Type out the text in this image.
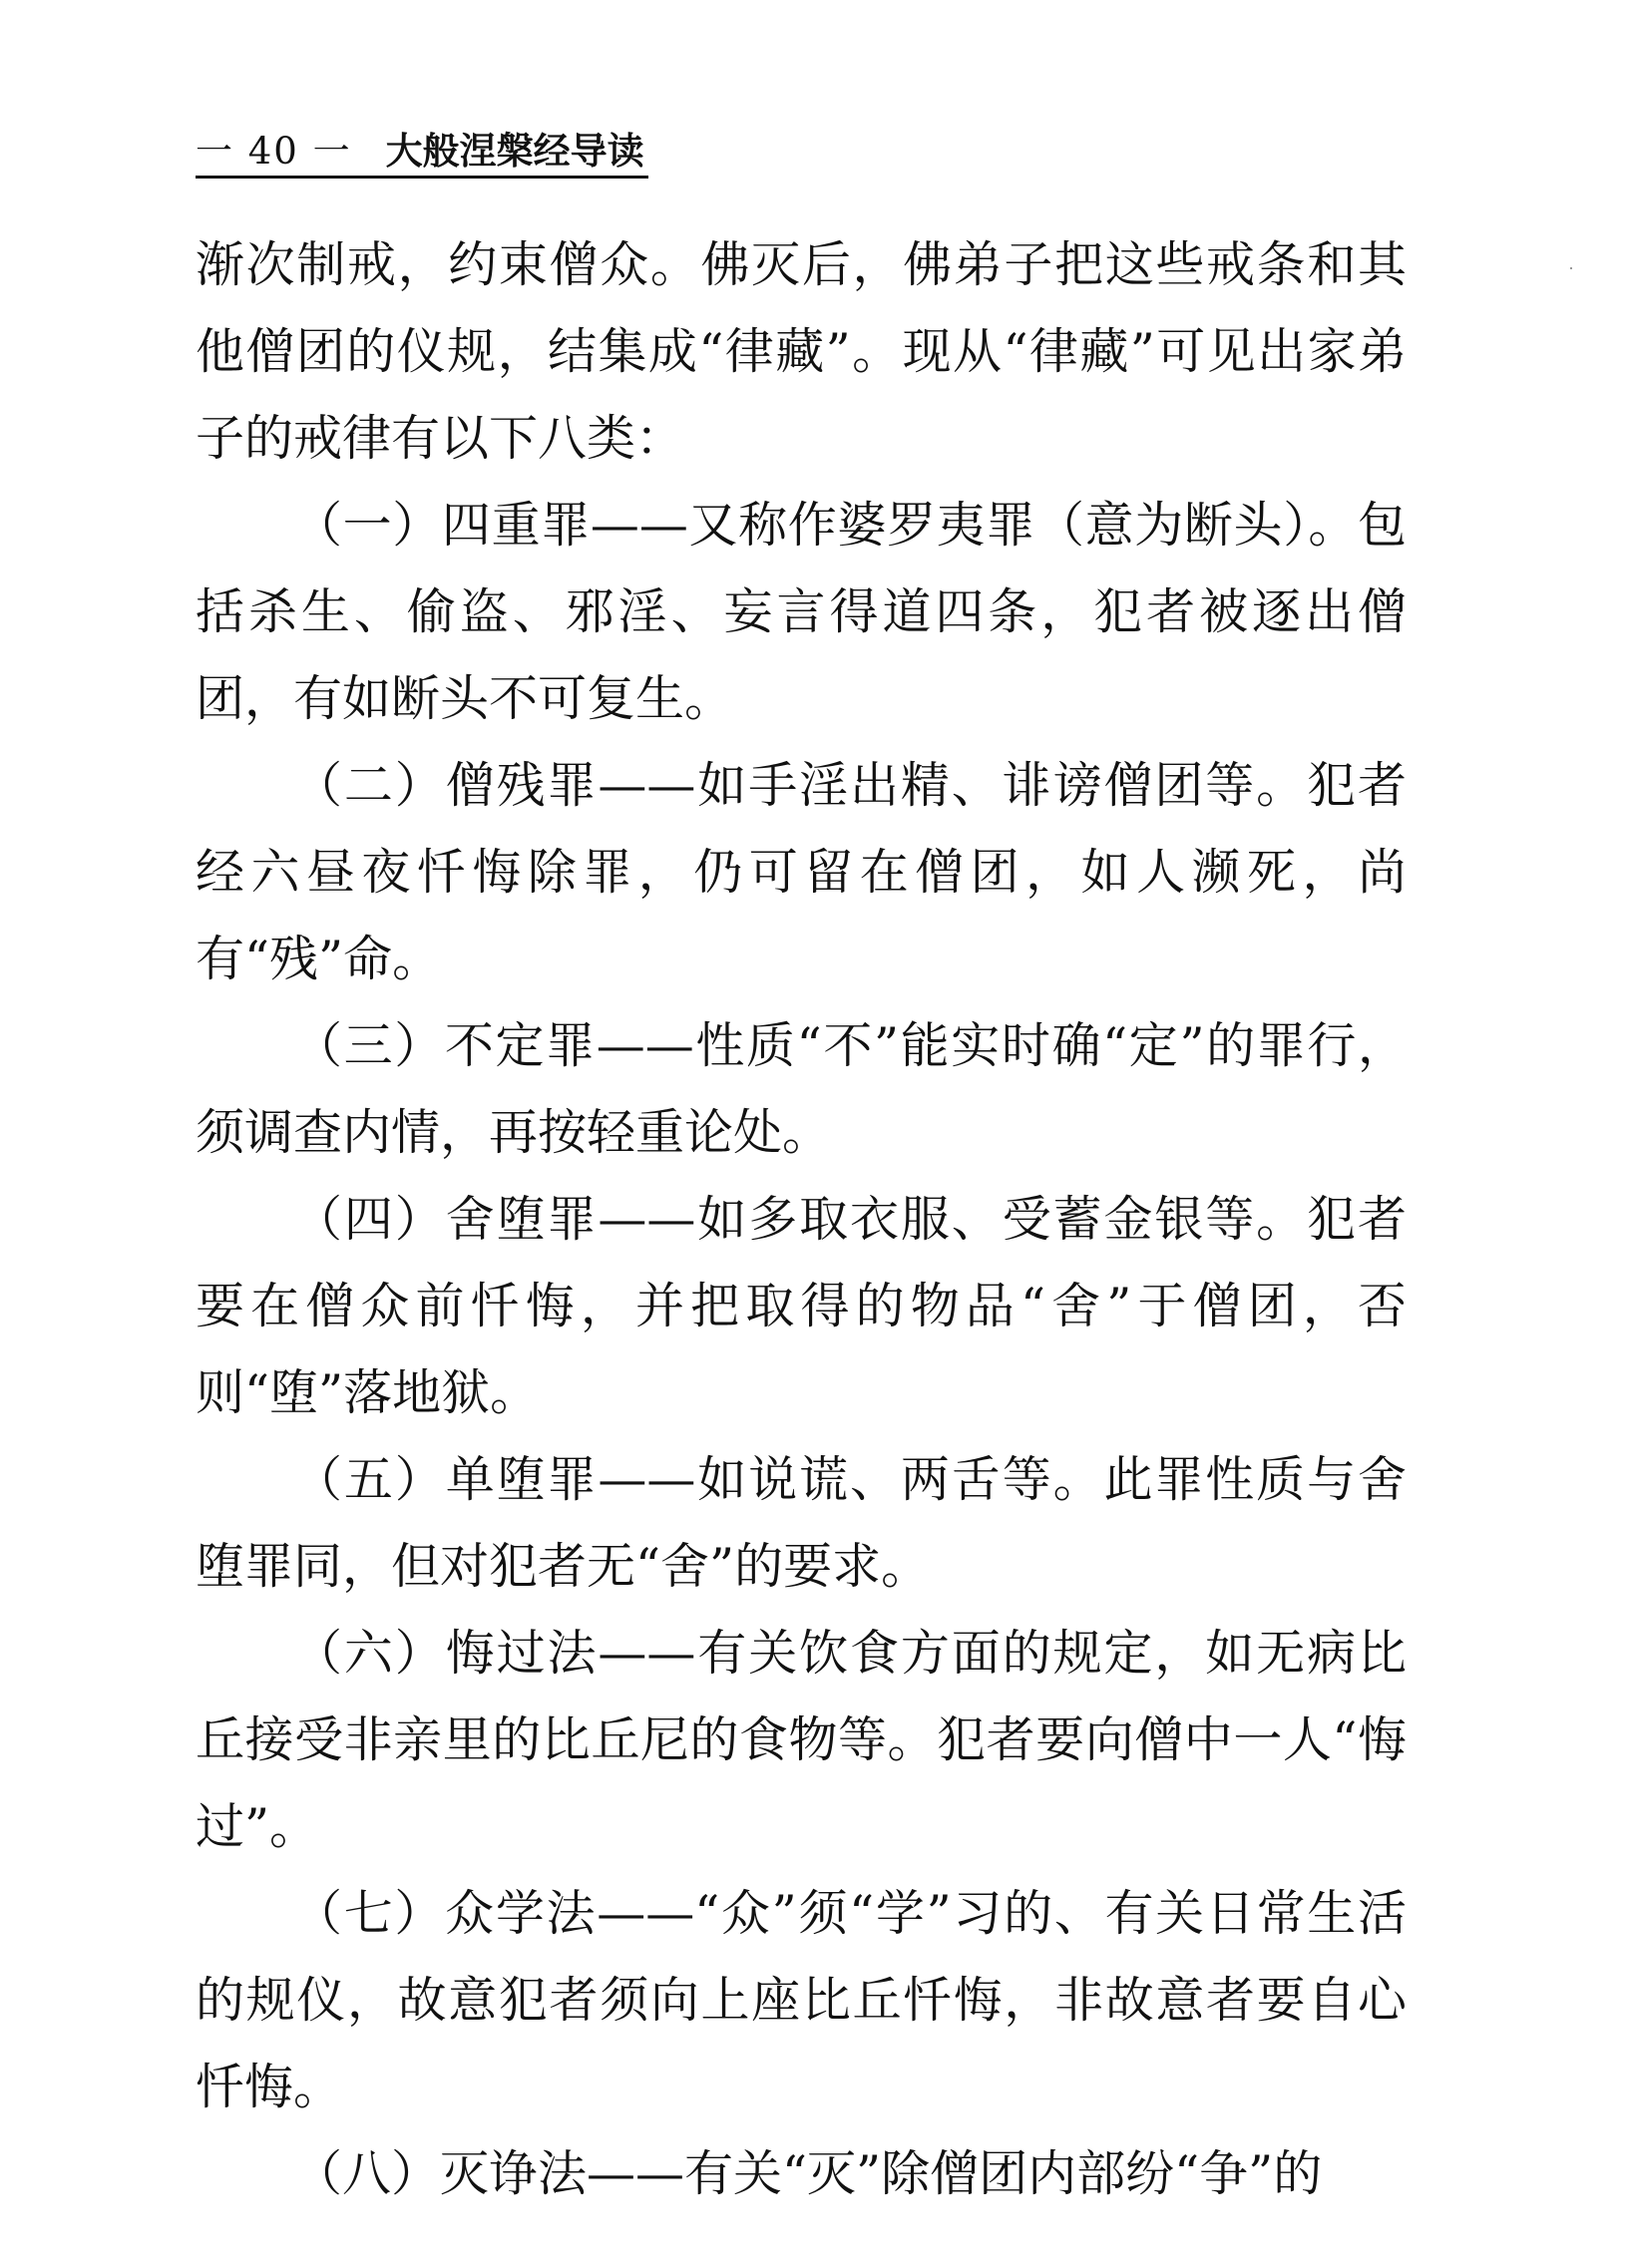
一 40 一 大般涅槃经导读

渐次制戒，约束僧众。佛灭后，佛弟子把这些戒条和其他僧团的仪规，结集成“律藏”。现从“律藏”可见出家弟子的戒律有以下八类：

（一）四重罪——又称作婆罗夷罪（意为断头）。包括杀生、偷盗、邪淫、妄言得道四条，犯者被逐出僧团，有如断头不可复生。

（二）僧残罪——如手淫出精、诽谤僧团等。犯者经六昼夜忏悔除罪，仍可留在僧团，如人濒死，尚有“残”命。

（三）不定罪——性质“不”能实时确“定”的罪行，须调查内情，再按轻重论处。

（四）舍堕罪——如多取衣服、受蓄金银等。犯者要在僧众前忏悔，并把取得的物品“舍”于僧团，否则“堕”落地狱。

（五）单堕罪——如说谎、两舌等。此罪性质与舍堕罪同，但对犯者无“舍”的要求。

（六）悔过法——有关饮食方面的规定，如无病比丘接受非亲里的比丘尼的食物等。犯者要向僧中一人“悔过”。

（七）众学法——“众”须“学”习的、有关日常生活的规仪，故意犯者须向上座比丘忏悔，非故意者要自心忏悔。

（八）灭诤法——有关“灭”除僧团内部纷“争”的
